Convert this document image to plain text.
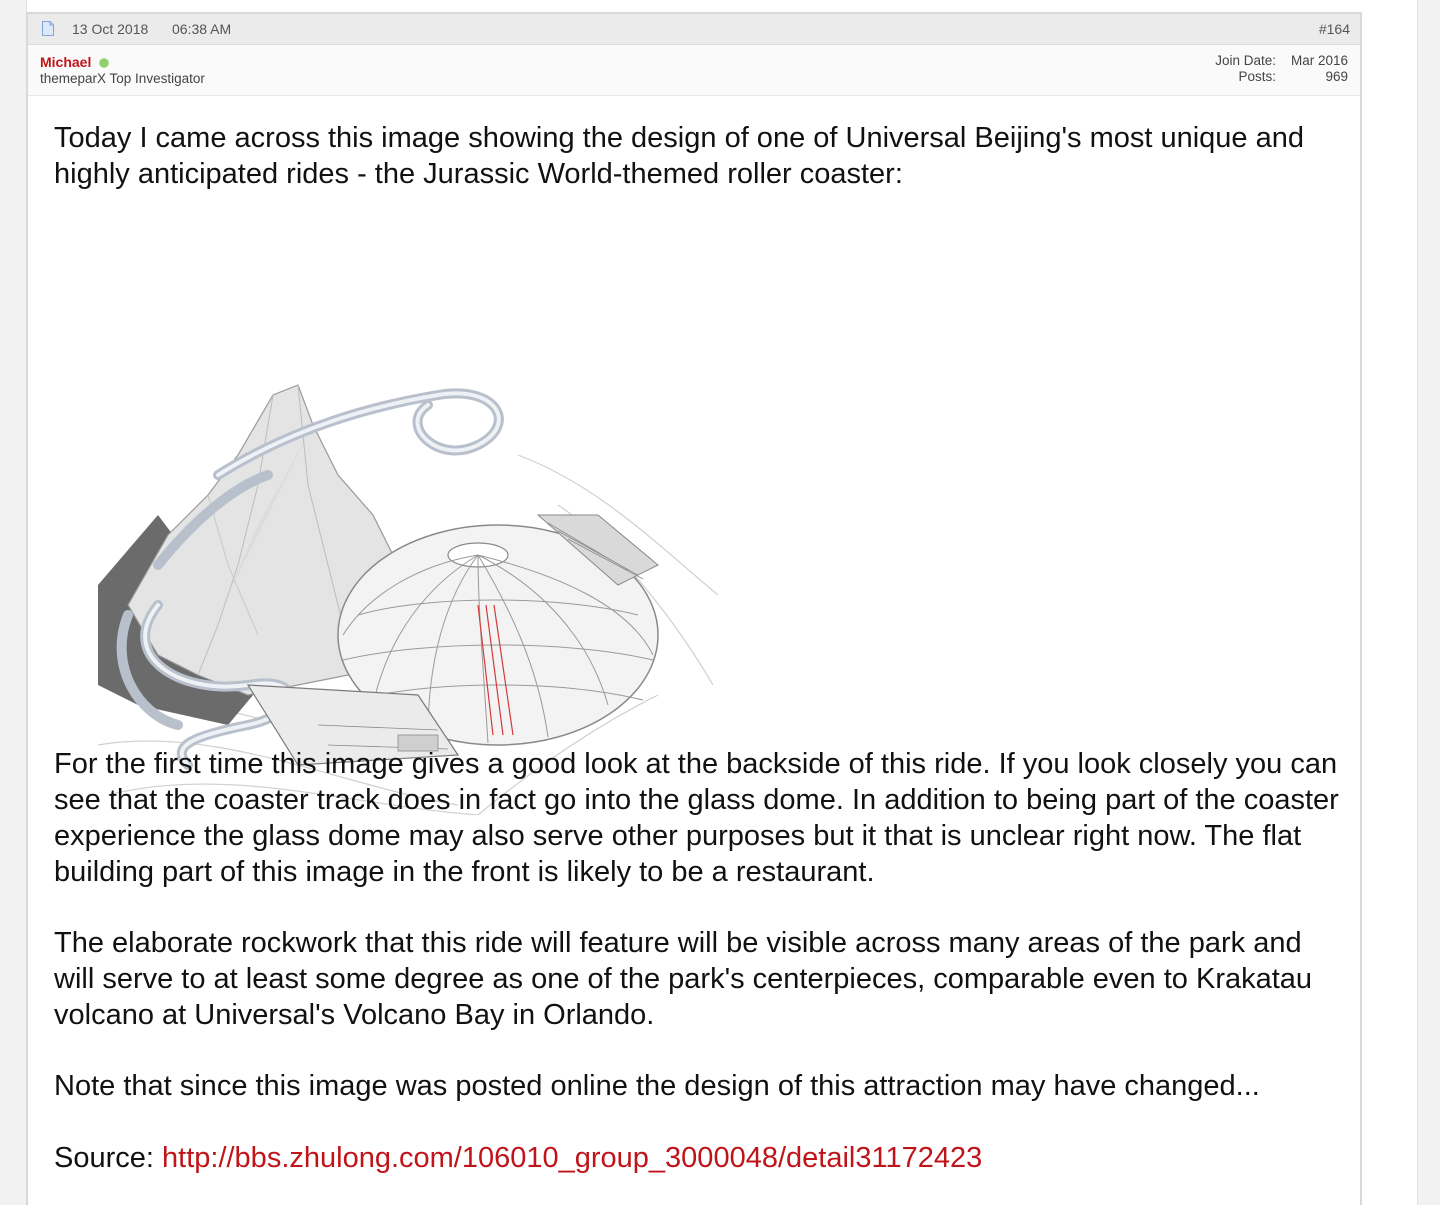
13 Oct 2018 06:38 AM	#164
Michael
themeparX Top Investigator
Join Date:	Mar 2016
Posts:	969

Today I came across this image showing the design of one of Universal Beijing's most unique and highly anticipated rides - the Jurassic World-themed roller coaster:

For the first time this image gives a good look at the backside of this ride. If you look closely you can see that the coaster track does in fact go into the glass dome. In addition to being part of the coaster experience the glass dome may also serve other purposes but it that is unclear right now. The flat building part of this image in the front is likely to be a restaurant.

The elaborate rockwork that this ride will feature will be visible across many areas of the park and will serve to at least some degree as one of the park's centerpieces, comparable even to Krakatau volcano at Universal's Volcano Bay in Orlando.

Note that since this image was posted online the design of this attraction may have changed...

Source: http://bbs.zhulong.com/106010_group_3000048/detail31172423
